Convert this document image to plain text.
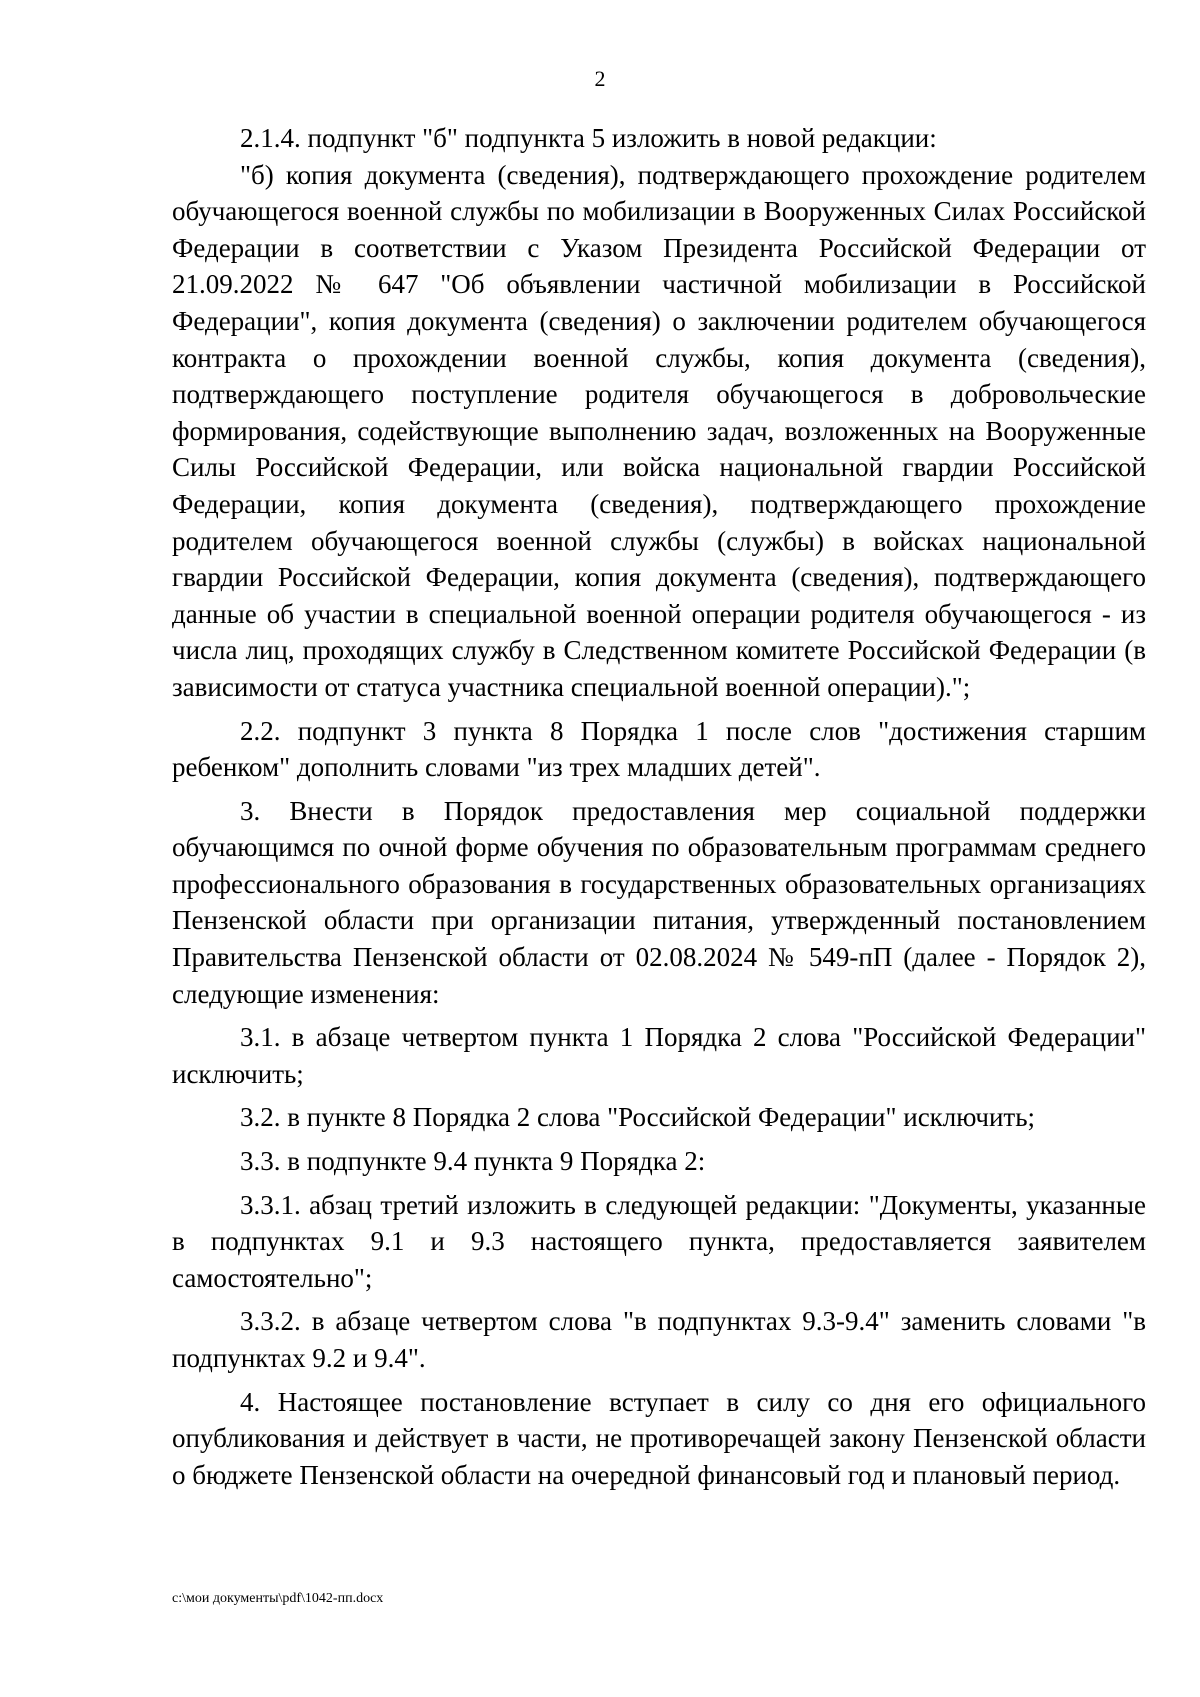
2

2.1.4. подпункт "б" подпункта 5 изложить в новой редакции:

"б) копия документа (сведения), подтверждающего прохождение родителем обучающегося военной службы по мобилизации в Вооруженных Силах Российской Федерации в соответствии с Указом Президента Российской Федерации от 21.09.2022 № 647 "Об объявлении частичной мобилизации в Российской Федерации", копия документа (сведения) о заключении родителем обучающегося контракта о прохождении военной службы, копия документа (сведения), подтверждающего поступление родителя обучающегося в добровольческие формирования, содействующие выполнению задач, возложенных на Вооруженные Силы Российской Федерации, или войска национальной гвардии Российской Федерации, копия документа (сведения), подтверждающего прохождение родителем обучающегося военной службы (службы) в войсках национальной гвардии Российской Федерации, копия документа (сведения), подтверждающего данные об участии в специальной военной операции родителя обучающегося - из числа лиц, проходящих службу в Следственном комитете Российской Федерации (в зависимости от статуса участника специальной военной операции).";

2.2. подпункт 3 пункта 8 Порядка 1 после слов "достижения старшим ребенком" дополнить словами "из трех младших детей".

3. Внести в Порядок предоставления мер социальной поддержки обучающимся по очной форме обучения по образовательным программам среднего профессионального образования в государственных образовательных организациях Пензенской области при организации питания, утвержденный постановлением Правительства Пензенской области от 02.08.2024 № 549-пП (далее - Порядок 2), следующие изменения:

3.1. в абзаце четвертом пункта 1 Порядка 2 слова "Российской Федерации" исключить;

3.2. в пункте 8 Порядка 2 слова "Российской Федерации" исключить;

3.3. в подпункте 9.4 пункта 9 Порядка 2:

3.3.1. абзац третий изложить в следующей редакции: "Документы, указанные в подпунктах 9.1 и 9.3 настоящего пункта, предоставляется заявителем самостоятельно";

3.3.2. в абзаце четвертом слова "в подпунктах 9.3-9.4" заменить словами "в подпунктах 9.2 и 9.4".

4. Настоящее постановление вступает в силу со дня его официального опубликования и действует в части, не противоречащей закону Пензенской области о бюджете Пензенской области на очередной финансовый год и плановый период.

c:\мои документы\pdf\1042-пп.docx
